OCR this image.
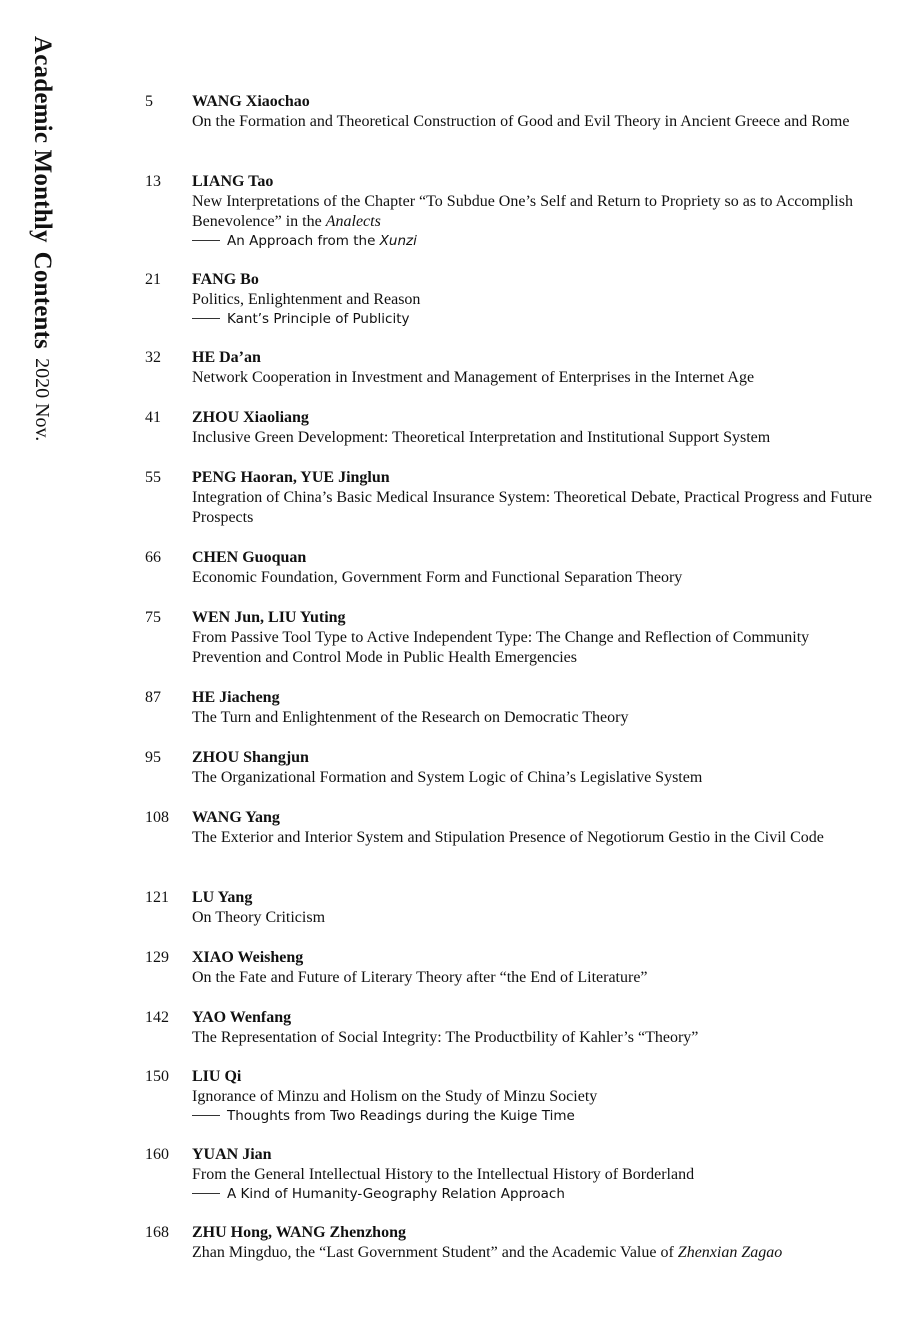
Academic MonthlyContents2020 Nov.
5 WANG Xiaochao
On the Formation and Theoretical Construction of Good and Evil Theory in Ancient Greece and Rome
13 LIANG Tao
New Interpretations of the Chapter “To Subdue One’s Self and Return to Propriety so as to Accomplish Benevolence” in the Analects
An Approach from the Xunzi
21 FANG Bo
Politics, Enlightenment and Reason
Kant’s Principle of Publicity
32 HE Da’an
Network Cooperation in Investment and Management of Enterprises in the Internet Age
41 ZHOU Xiaoliang
Inclusive Green Development: Theoretical Interpretation and Institutional Support System
55 PENG Haoran, YUE Jinglun
Integration of China’s Basic Medical Insurance System: Theoretical Debate, Practical Progress and Future Prospects
66 CHEN Guoquan
Economic Foundation, Government Form and Functional Separation Theory
75 WEN Jun, LIU Yuting
From Passive Tool Type to Active Independent Type: The Change and Reflection of Community Prevention and Control Mode in Public Health Emergencies
87 HE Jiacheng
The Turn and Enlightenment of the Research on Democratic Theory
95 ZHOU Shangjun
The Organizational Formation and System Logic of China’s Legislative System
108 WANG Yang
The Exterior and Interior System and Stipulation Presence of Negotiorum Gestio in the Civil Code
121 LU Yang
On Theory Criticism
129 XIAO Weisheng
On the Fate and Future of Literary Theory after “the End of Literature”
142 YAO Wenfang
The Representation of Social Integrity: The Productbility of Kahler’s “Theory”
150 LIU Qi
Ignorance of Minzu and Holism on the Study of Minzu Society
Thoughts from Two Readings during the Kuige Time
160 YUAN Jian
From the General Intellectual History to the Intellectual History of Borderland
A Kind of Humanity-Geography Relation Approach
168 ZHU Hong, WANG Zhenzhong
Zhan Mingduo, the “Last Government Student” and the Academic Value of Zhenxian Zagao
